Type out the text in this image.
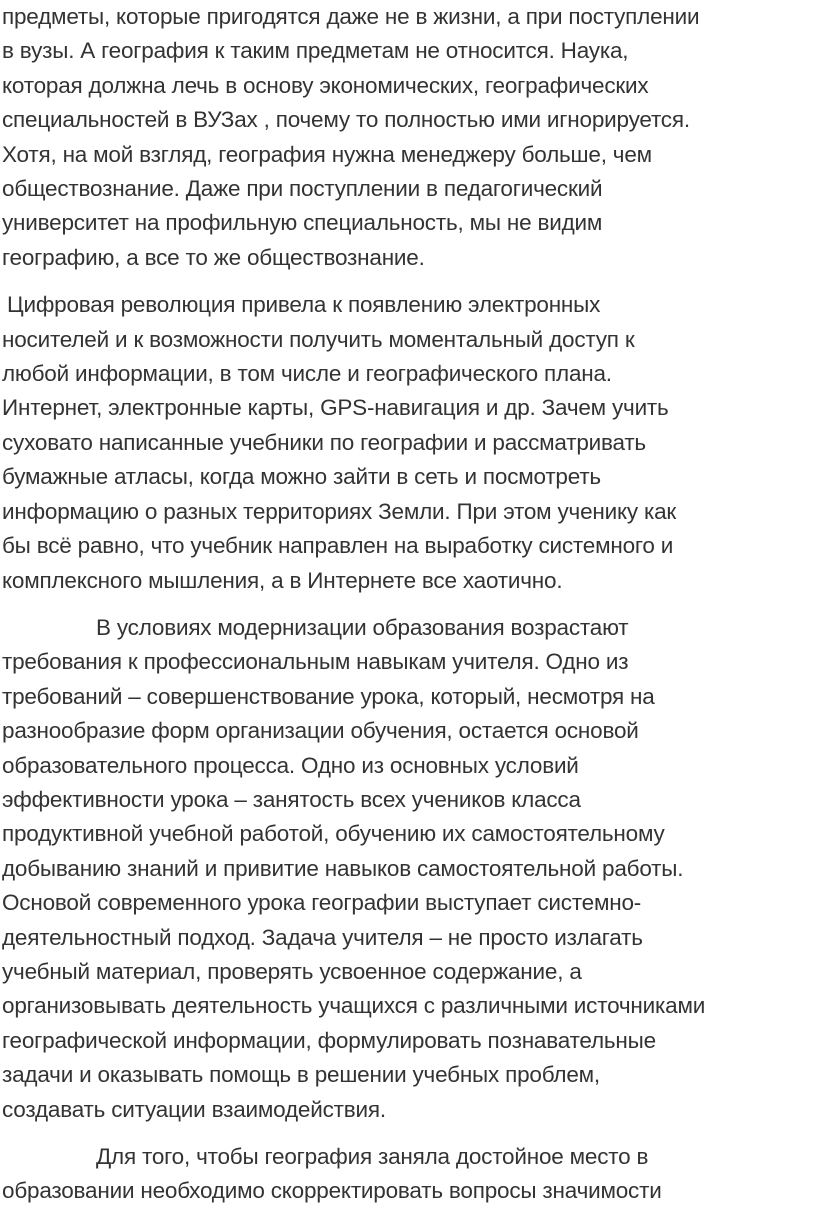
предметы, которые пригодятся даже не в жизни, а при поступлении
в вузы. А география к таким предметам не относится. Наука,
которая должна лечь в основу экономических, географических
специальностей в ВУЗах , почему то полностью ими игнорируется.
Хотя, на мой взгляд, география нужна менеджеру больше, чем
обществознание. Даже при поступлении в педагогический
университет на профильную специальность, мы не видим
географию, а все то же обществознание.
Цифровая революция привела к появлению электронных
носителей и к возможности получить моментальный доступ к
любой информации, в том числе и географического плана.
Интернет, электронные карты, GPS-навигация и др. Зачем учить
суховато написанные учебники по географии и рассматривать
бумажные атласы, когда можно зайти в сеть и посмотреть
информацию о разных территориях Земли. При этом ученику как
бы всё равно, что учебник направлен на выработку системного и
комплексного мышления, а в Интернете все хаотично.
В условиях модернизации образования возрастают
требования к профессиональным навыкам учителя. Одно из
требований – совершенствование урока, который, несмотря на
разнообразие форм организации обучения, остается основой
образовательного процесса. Одно из основных условий
эффективности урока – занятость всех учеников класса
продуктивной учебной работой, обучению их самостоятельному
добыванию знаний и привитие навыков самостоятельной работы.
Основой современного урока географии выступает системно-
деятельностный подход. Задача учителя – не просто излагать
учебный материал, проверять усвоенное содержание, а
организовывать деятельность учащихся с различными источниками
географической информации, формулировать познавательные
задачи и оказывать помощь в решении учебных проблем,
создавать ситуации взаимодействия.
Для того, чтобы география заняла достойное место в
образовании необходимо скорректировать вопросы значимости
